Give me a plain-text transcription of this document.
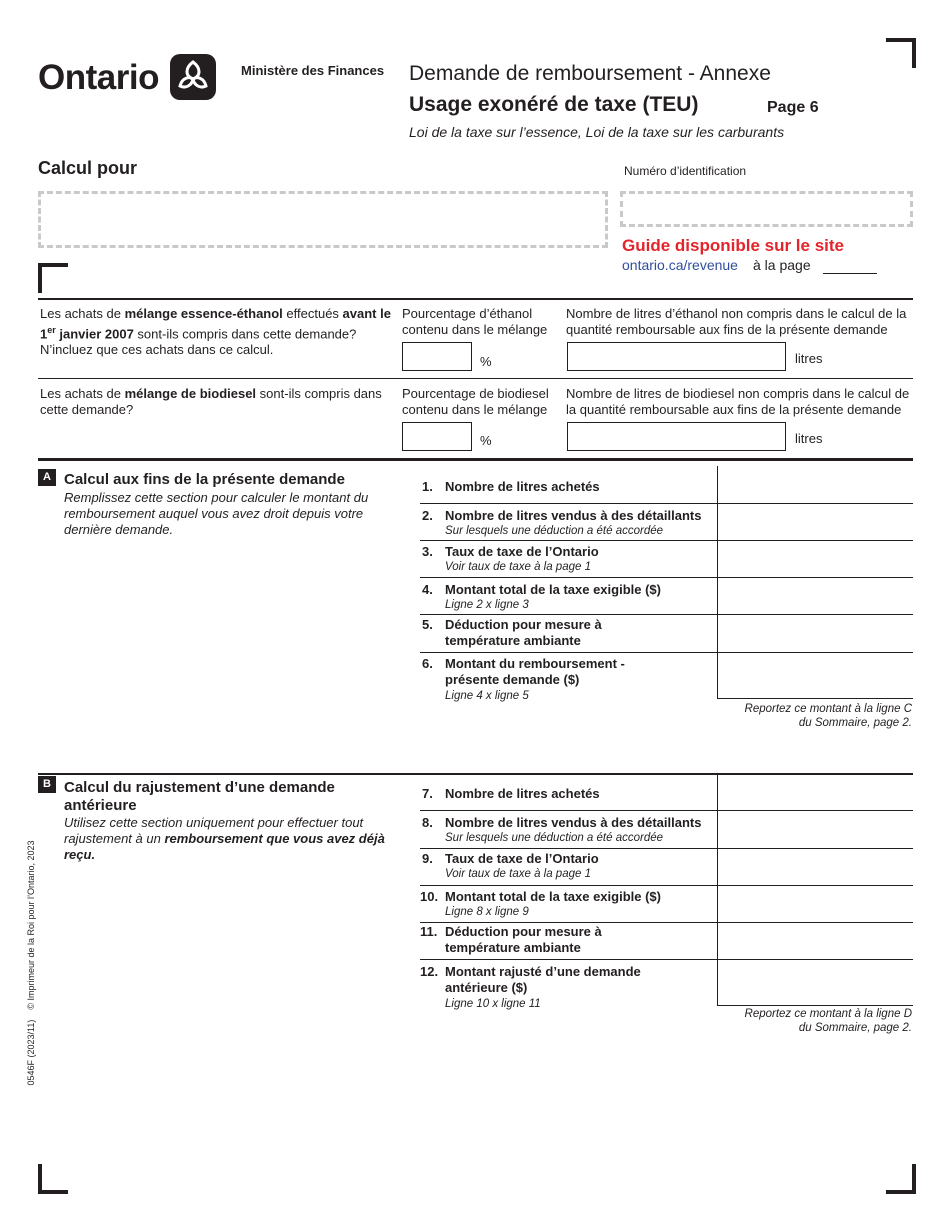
Ontario	Ministère des Finances Demande de remboursement - Annexe
Usage exonéré de taxe (TEU)	Page 6
Loi de la taxe sur l’essence, Loi de la taxe sur les carburants
Calcul pour	Numéro d’identification
Guide disponible sur le site
ontario.ca/revenue à la page
Les achats de mélange essence-éthanol effectués avant le 1er janvier 2007 sont-ils compris dans cette demande? N’incluez que ces achats dans ce calcul.
Pourcentage d’éthanol contenu dans le mélange
%
Nombre de litres d’éthanol non compris dans le calcul de la quantité remboursable aux fins de la présente demande
litres
Les achats de mélange de biodiesel sont-ils compris dans cette demande?
Pourcentage de biodiesel contenu dans le mélange
%
Nombre de litres de biodiesel non compris dans le calcul de la quantité remboursable aux fins de la présente demande
litres
A Calcul aux fins de la présente demande
Remplissez cette section pour calculer le montant du remboursement auquel vous avez droit depuis votre dernière demande.
1. Nombre de litres achetés
2. Nombre de litres vendus à des détaillants
Sur lesquels une déduction a été accordée
3. Taux de taxe de l’Ontario
Voir taux de taxe à la page 1
4. Montant total de la taxe exigible ($)
Ligne 2 x ligne 3
5. Déduction pour mesure à température ambiante
6. Montant du remboursement - présente demande ($)
Ligne 4 x ligne 5
Reportez ce montant à la ligne C
du Sommaire, page 2.
B Calcul du rajustement d’une demande antérieure
Utilisez cette section uniquement pour effectuer tout rajustement à un remboursement que vous avez déjà reçu.
7. Nombre de litres achetés
8. Nombre de litres vendus à des détaillants
Sur lesquels une déduction a été accordée
9. Taux de taxe de l’Ontario
Voir taux de taxe à la page 1
10. Montant total de la taxe exigible ($)
Ligne 8 x ligne 9
11. Déduction pour mesure à température ambiante
12. Montant rajusté d’une demande antérieure ($)
Ligne 10 x ligne 11
Reportez ce montant à la ligne D
du Sommaire, page 2.
0546F (2023/11)    © Imprimeur de la Roi pour l’Ontario, 2023
